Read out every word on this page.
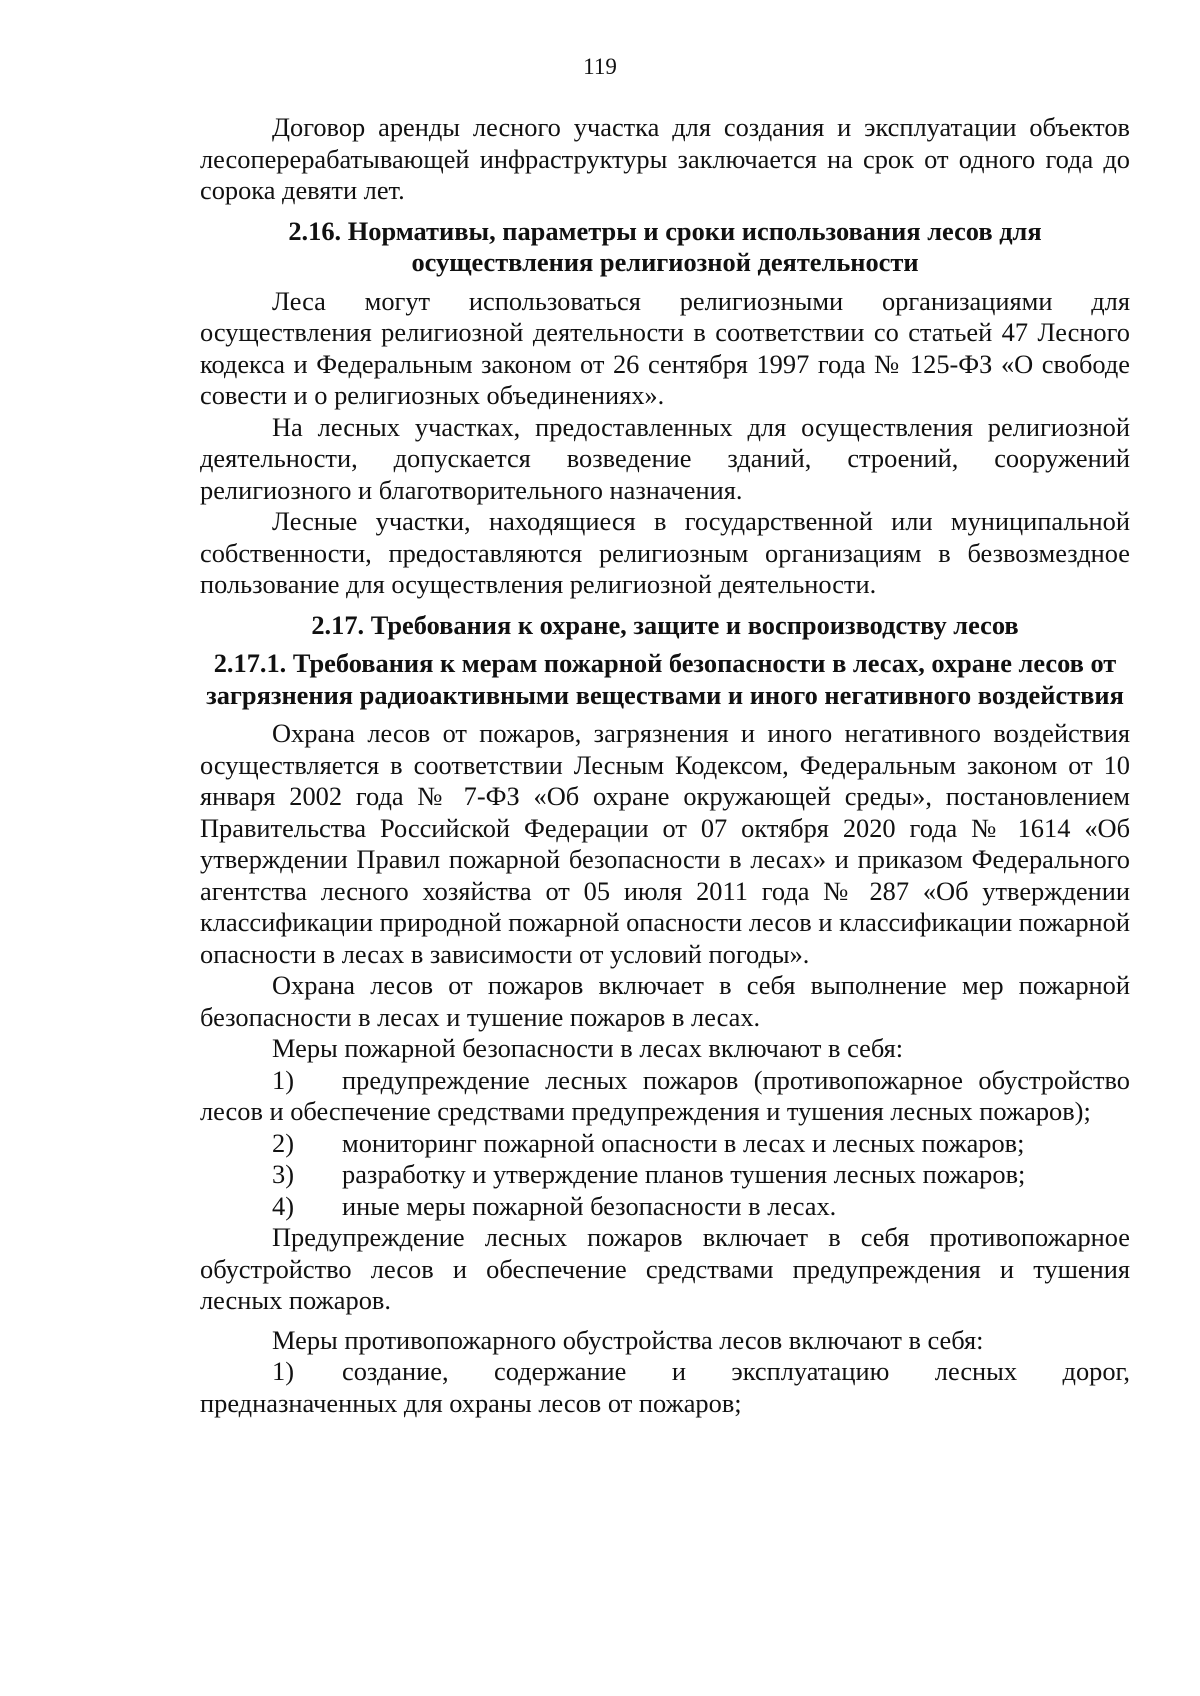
119

Договор аренды лесного участка для создания и эксплуатации объектов лесоперерабатывающей инфраструктуры заключается на срок от одного года до сорока девяти лет.

2.16. Нормативы, параметры и сроки использования лесов для осуществления религиозной деятельности

Леса могут использоваться религиозными организациями для осуществления религиозной деятельности в соответствии со статьей 47 Лесного кодекса и Федеральным законом от 26 сентября 1997 года № 125-ФЗ «О свободе совести и о религиозных объединениях».

На лесных участках, предоставленных для осуществления религиозной деятельности, допускается возведение зданий, строений, сооружений религиозного и благотворительного назначения.

Лесные участки, находящиеся в государственной или муниципальной собственности, предоставляются религиозным организациям в безвозмездное пользование для осуществления религиозной деятельности.

2.17. Требования к охране, защите и воспроизводству лесов

2.17.1. Требования к мерам пожарной безопасности в лесах, охране лесов от загрязнения радиоактивными веществами и иного негативного воздействия

Охрана лесов от пожаров, загрязнения и иного негативного воздействия осуществляется в соответствии Лесным Кодексом, Федеральным законом от 10 января 2002 года № 7-ФЗ «Об охране окружающей среды», постановлением Правительства Российской Федерации от 07 октября 2020 года № 1614 «Об утверждении Правил пожарной безопасности в лесах» и приказом Федерального агентства лесного хозяйства от 05 июля 2011 года № 287 «Об утверждении классификации природной пожарной опасности лесов и классификации пожарной опасности в лесах в зависимости от условий погоды».

Охрана лесов от пожаров включает в себя выполнение мер пожарной безопасности в лесах и тушение пожаров в лесах.

Меры пожарной безопасности в лесах включают в себя:

1) предупреждение лесных пожаров (противопожарное обустройство лесов и обеспечение средствами предупреждения и тушения лесных пожаров);

2) мониторинг пожарной опасности в лесах и лесных пожаров;

3) разработку и утверждение планов тушения лесных пожаров;

4) иные меры пожарной безопасности в лесах.

Предупреждение лесных пожаров включает в себя противопожарное обустройство лесов и обеспечение средствами предупреждения и тушения лесных пожаров.

Меры противопожарного обустройства лесов включают в себя:

1) создание, содержание и эксплуатацию лесных дорог, предназначенных для охраны лесов от пожаров;
